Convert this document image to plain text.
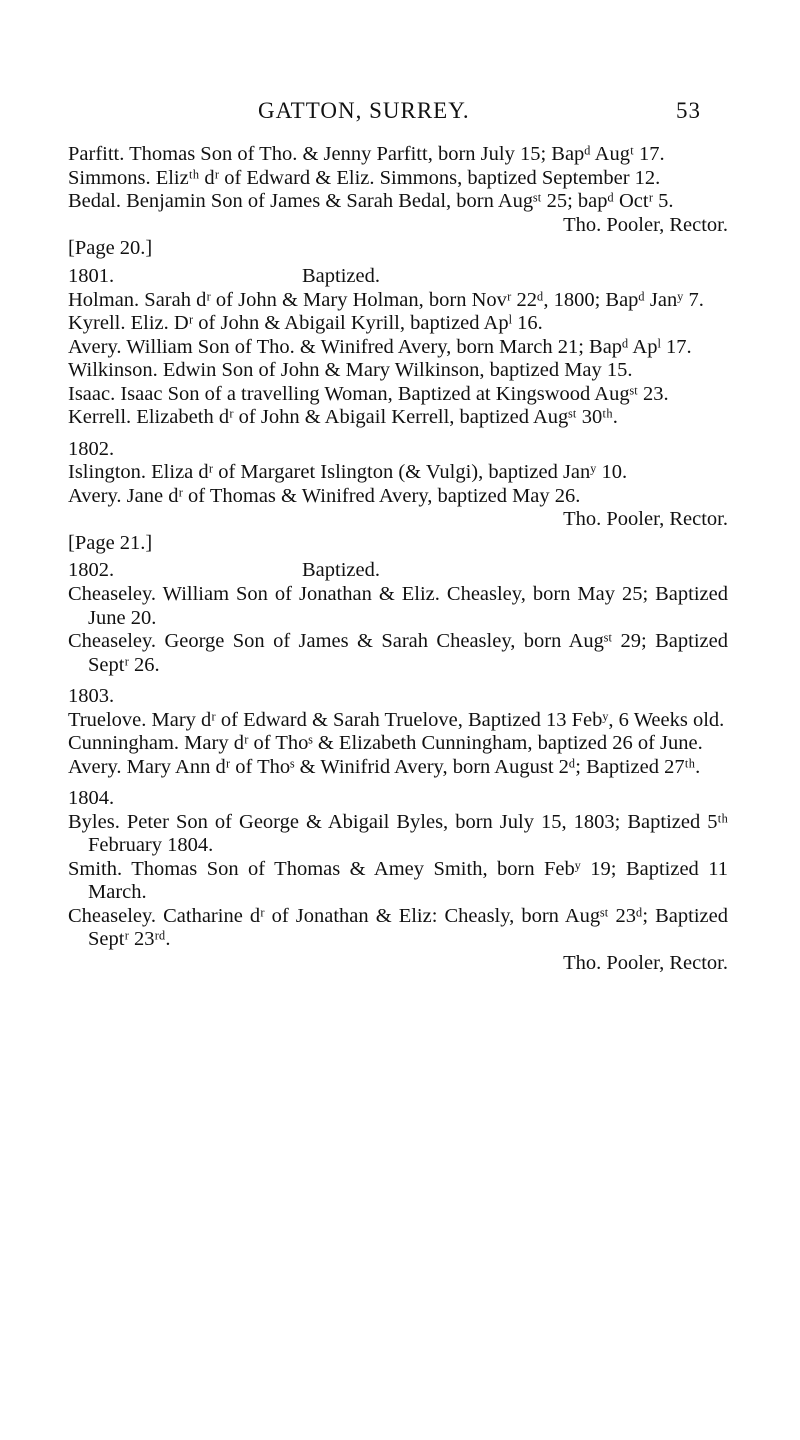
GATTON, SURREY.	53
Parfitt. Thomas Son of Tho. & Jenny Parfitt, born July 15; Bapᵈ Augᵗ 17.
Simmons. Elizᵗʰ dʳ of Edward & Eliz. Simmons, baptized September 12.
Bedal. Benjamin Son of James & Sarah Bedal, born Augˢᵗ 25; bapᵈ Octʳ 5.
Tho. Pooler, Rector.
[Page 20.]
1801.	Baptized.
Holman. Sarah dʳ of John & Mary Holman, born Novʳ 22ᵈ, 1800; Bapᵈ Janʸ 7.
Kyrell. Eliz. Dʳ of John & Abigail Kyrill, baptized Apˡ 16.
Avery. William Son of Tho. & Winifred Avery, born March 21; Bapᵈ Apˡ 17.
Wilkinson. Edwin Son of John & Mary Wilkinson, baptized May 15.
Isaac. Isaac Son of a travelling Woman, Baptized at Kingswood Augˢᵗ 23.
Kerrell. Elizabeth dʳ of John & Abigail Kerrell, baptized Augˢᵗ 30ᵗʰ.
1802.
Islington. Eliza dʳ of Margaret Islington (& Vulgi), baptized Janʸ 10.
Avery. Jane dʳ of Thomas & Winifred Avery, baptized May 26.
Tho. Pooler, Rector.
[Page 21.]
1802.	Baptized.
Cheaseley. William Son of Jonathan & Eliz. Cheasley, born May 25; Baptized June 20.
Cheaseley. George Son of James & Sarah Cheasley, born Augˢᵗ 29; Baptized Septʳ 26.
1803.
Truelove. Mary dʳ of Edward & Sarah Truelove, Baptized 13 Febʸ, 6 Weeks old.
Cunningham. Mary dʳ of Thoˢ & Elizabeth Cunningham, baptized 26 of June.
Avery. Mary Ann dʳ of Thoˢ & Winifrid Avery, born August 2ᵈ; Baptized 27ᵗʰ.
1804.
Byles. Peter Son of George & Abigail Byles, born July 15, 1803; Baptized 5ᵗʰ February 1804.
Smith. Thomas Son of Thomas & Amey Smith, born Febʸ 19; Baptized 11 March.
Cheaseley. Catharine dʳ of Jonathan & Eliz: Cheasly, born Augˢᵗ 23ᵈ; Baptized Septʳ 23ʳᵈ.
Tho. Pooler, Rector.
